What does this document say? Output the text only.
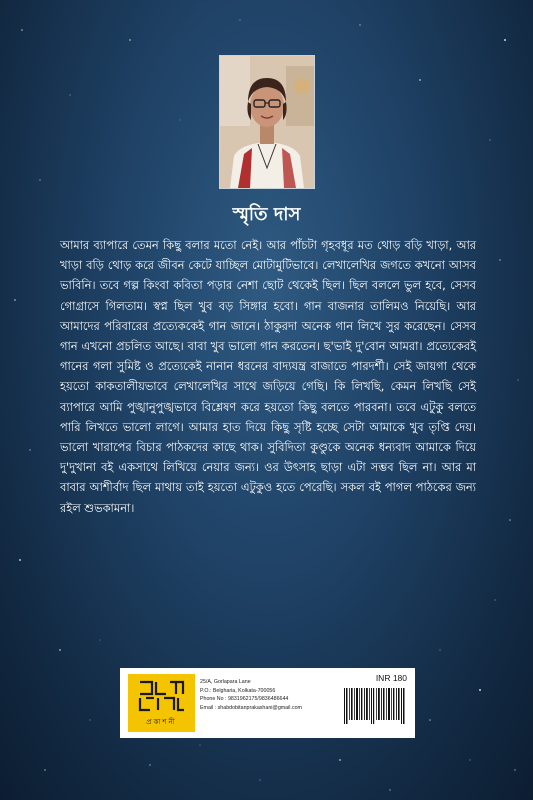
স্মৃতি দাস

আমার ব্যাপারে তেমন কিছু বলার মতো নেই। আর পাঁচটা গৃহবধূর মত থোড় বড়ি খাড়া, আর খাড়া বড়ি থোড় করে জীবন কেটে যাচ্ছিল মোটামুটিভাবে। লেখালেখির জগতে কখনো আসব ভাবিনি। তবে গল্প কিংবা কবিতা পড়ার নেশা ছোট থেকেই ছিল। ছিল বললে ভুল হবে, সেসব গোগ্রাসে গিলতাম। স্বপ্ন ছিল খুব বড় সিঙ্গার হবো। গান বাজনার তালিমও নিয়েছি। আর আমাদের পরিবারের প্রত্যেককেই গান জানে। ঠাকুরদা অনেক গান লিখে সুর করেছেন। সেসব গান এখনো প্রচলিত আছে। বাবা খুব ভালো গান করতেন। ছ'ভাই দু'বোন আমরা। প্রত্যেকেরই গানের গলা সুমিষ্ট ও প্রত্যেকেই নানান ধরনের বাদ্যযন্ত্র বাজাতে পারদর্শী। সেই জায়গা থেকে হয়তো কাকতালীয়ভাবে লেখালেখির সাথে জড়িয়ে গেছি। কি লিখছি, কেমন লিখছি সেই ব্যাপারে আমি পুঙ্খানুপুঙ্খভাবে বিশ্লেষণ করে হয়তো কিছু বলতে পারবনা। তবে এটুকু বলতে পারি লিখতে ভালো লাগে। আমার হাত দিয়ে কিছু সৃষ্টি হচ্ছে সেটা আমাকে খুব তৃপ্তি দেয়। ভালো খারাপের বিচার পাঠকদের কাছে থাক। সুবিদিতা কুণ্ডুকে অনেক ধন্যবাদ আমাকে দিয়ে দু'দুখানা বই একসাথে লিখিয়ে নেয়ার জন্য। ওর উৎসাহ ছাড়া এটা সম্ভব ছিল না। আর মা বাবার আশীর্বাদ ছিল মাথায় তাই হয়তো এটুকুও হতে পেরেছি। সকল বই পাগল পাঠকের জন্য রইল শুভকামনা।

প্রকাশনী
25/A, Gorlapara Lane
P.O.: Belgharia, Kolkata-700056
Phone No : 9831962175/9836486644
Email : shabdobitanprakashani@gmail.com
INR 180
